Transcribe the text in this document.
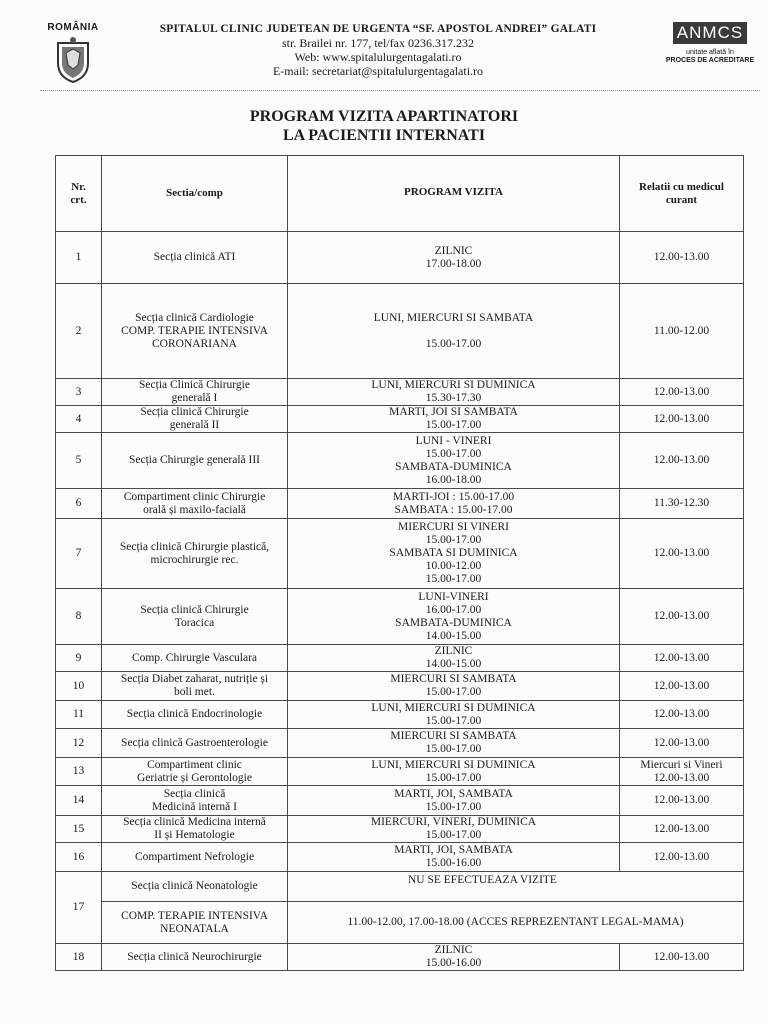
ROMÂNIA	SPITALUL CLINIC JUDETEAN DE URGENTA “SF. APOSTOL ANDREI” GALATI
str. Brailei nr. 177, tel/fax 0236.317.232
Web: www.spitalulurgentagalati.ro
E-mail: secretariat@spitalulurgentagalati.ro
ANMCS
unitate aflată în
PROCES DE ACREDITARE
PROGRAM VIZITA APARTINATORI
LA PACIENTII INTERNATI
Nr.
crt.	Sectia/comp	PROGRAM VIZITA	Relatii cu medicul
curant
1	Secția clinică ATI	ZILNIC
17.00-18.00	12.00-13.00
2	Secția clinică Cardiologie
COMP. TERAPIE INTENSIVA
CORONARIANA	LUNI, MIERCURI SI SAMBATA

15.00-17.00	11.00-12.00
3	Secția Clinică Chirurgie
generală I	LUNI, MIERCURI SI DUMINICA
15.30-17.30	12.00-13.00
4	Secția clinică Chirurgie
generală II	MARTI, JOI SI SAMBATA
15.00-17.00	12.00-13.00
5	Secția Chirurgie generală III	LUNI - VINERI
15.00-17.00
SAMBATA-DUMINICA
16.00-18.00	12.00-13.00
6	Compartiment clinic Chirurgie
orală și maxilo-facială	MARTI-JOI : 15.00-17.00
SAMBATA : 15.00-17.00	11.30-12.30
7	Secția clinică Chirurgie plastică,
microchirurgie rec.	MIERCURI SI VINERI
15.00-17.00
SAMBATA SI DUMINICA
10.00-12.00
15.00-17.00	12.00-13.00
8	Secția clinică Chirurgie
Toracica	LUNI-VINERI
16.00-17.00
SAMBATA-DUMINICA
14.00-15.00	12.00-13.00
9	Comp. Chirurgie Vasculara	ZILNIC
14.00-15.00	12.00-13.00
10	Secția Diabet zaharat, nutriție și
boli met.	MIERCURI SI SAMBATA
15.00-17.00	12.00-13.00
11	Secția clinică Endocrinologie	LUNI, MIERCURI SI DUMINICA
15.00-17.00	12.00-13.00
12	Secția clinică Gastroenterologie	MIERCURI SI SAMBATA
15.00-17.00	12.00-13.00
13	Compartiment clinic
Geriatrie și Gerontologie	LUNI, MIERCURI SI DUMINICA
15.00-17.00	Miercuri si Vineri
12.00-13.00
14	Secția clinică
Medicină internă I	MARTI, JOI, SAMBATA
15.00-17.00	12.00-13.00
15	Secția clinică Medicina internă
II și Hematologie	MIERCURI, VINERI, DUMINICA
15.00-17.00	12.00-13.00
16	Compartiment Nefrologie	MARTI, JOI, SAMBATA
15.00-16.00	12.00-13.00
17	Secția clinică Neonatologie	NU SE EFECTUEAZA VIZITE	
	COMP. TERAPIE INTENSIVA
NEONATALA	11.00-12.00, 17.00-18.00 (ACCES REPREZENTANT LEGAL-MAMA)	
18	Secția clinică Neurochirurgie	ZILNIC
15.00-16.00	12.00-13.00
